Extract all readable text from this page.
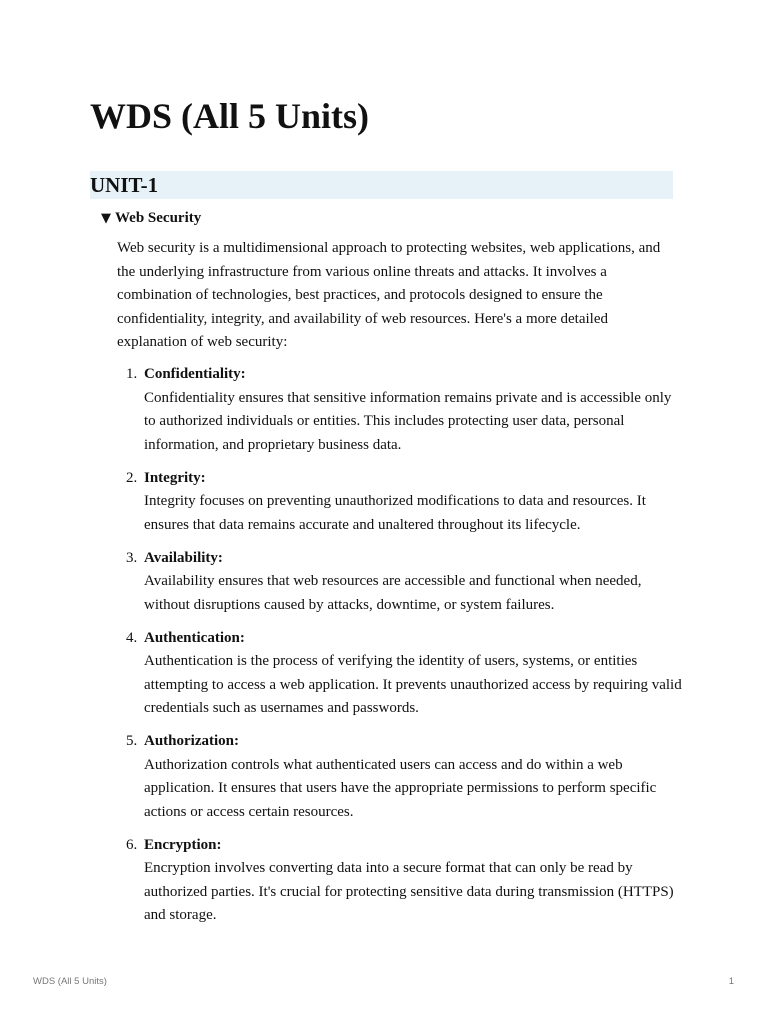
WDS (All 5 Units)
UNIT-1
▼ Web Security

Web security is a multidimensional approach to protecting websites, web applications, and the underlying infrastructure from various online threats and attacks. It involves a combination of technologies, best practices, and protocols designed to ensure the confidentiality, integrity, and availability of web resources. Here's a more detailed explanation of web security:

1. Confidentiality:
Confidentiality ensures that sensitive information remains private and is accessible only to authorized individuals or entities. This includes protecting user data, personal information, and proprietary business data.
2. Integrity:
Integrity focuses on preventing unauthorized modifications to data and resources. It ensures that data remains accurate and unaltered throughout its lifecycle.
3. Availability:
Availability ensures that web resources are accessible and functional when needed, without disruptions caused by attacks, downtime, or system failures.
4. Authentication:
Authentication is the process of verifying the identity of users, systems, or entities attempting to access a web application. It prevents unauthorized access by requiring valid credentials such as usernames and passwords.
5. Authorization:
Authorization controls what authenticated users can access and do within a web application. It ensures that users have the appropriate permissions to perform specific actions or access certain resources.
6. Encryption:
Encryption involves converting data into a secure format that can only be read by authorized parties. It's crucial for protecting sensitive data during transmission (HTTPS) and storage.
WDS (All 5 Units)	1
